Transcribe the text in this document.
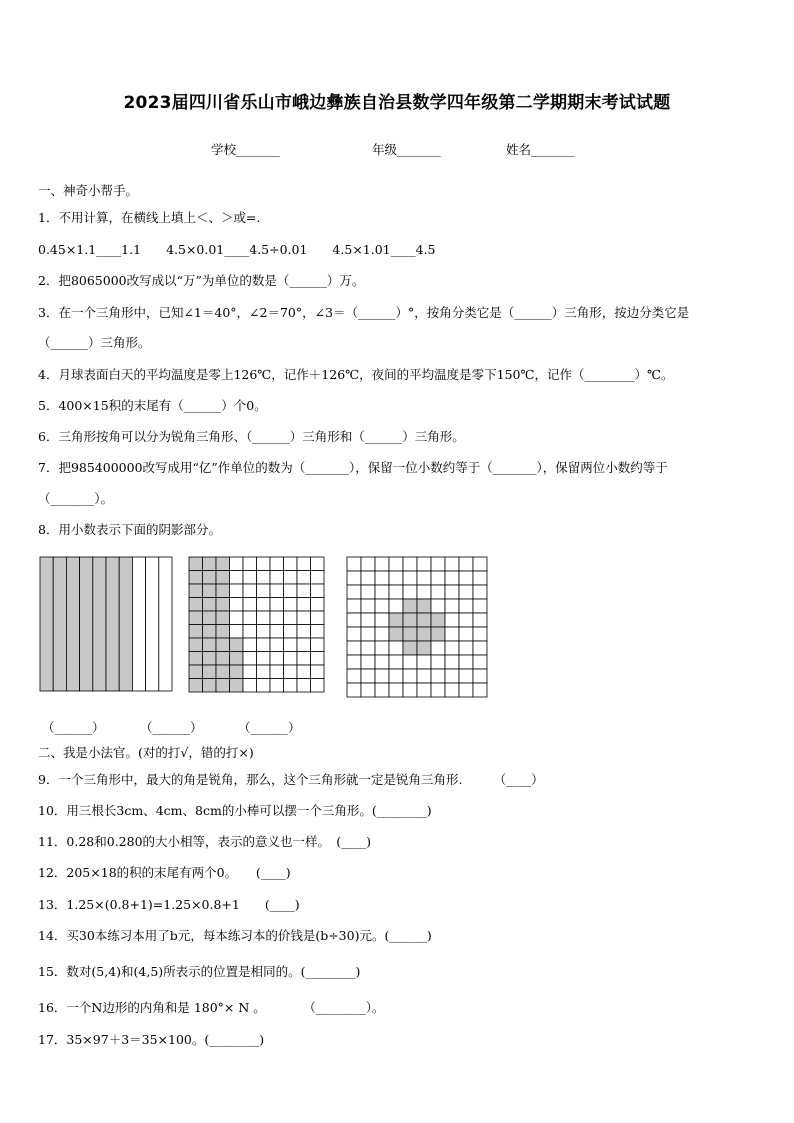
2023届四川省乐山市峨边彝族自治县数学四年级第二学期期末考试试题
学校_______	年级_______	姓名_______
一、神奇小帮手。
1．不用计算，在横线上填上＜、＞或=.
0.45×1.1____1.1　　4.5×0.01____4.5÷0.01　　4.5×1.01____4.5
2．把8065000改写成以“万”为单位的数是（______）万。
3．在一个三角形中，已知∠1＝40°，∠2＝70°，∠3＝（______）°，按角分类它是（______）三角形，按边分类它是
（______）三角形。
4．月球表面白天的平均温度是零上126℃，记作＋126℃，夜间的平均温度是零下150℃，记作（________）℃。
5．400×15积的末尾有（______）个0。
6．三角形按角可以分为锐角三角形、（______）三角形和（______）三角形。
7．把985400000改写成用“亿”作单位的数为（_______），保留一位小数约等于（_______），保留两位小数约等于
（_______）。
8．用小数表示下面的阴影部分。
（______）	（______）	（______）
二、我是小法官。(对的打√，错的打×)
9．一个三角形中，最大的角是锐角，那么，这个三角形就一定是锐角三角形.　　　（____）
10．用三根长3cm、4cm、8cm的小棒可以摆一个三角形。(________)
11．0.28和0.280的大小相等，表示的意义也一样。　(____)
12．205×18的积的末尾有两个0。　　(____)
13．1.25×(0.8+1)=1.25×0.8+1　　(____)
14．买30本练习本用了b元，每本练习本的价钱是(b÷30)元。(______)
15．数对(5,4)和(4,5)所表示的位置是相同的。(________)
16．一个N边形的内角和是 180°× N 。　　　　（________）。
17．35×97＋3＝35×100。(________)
